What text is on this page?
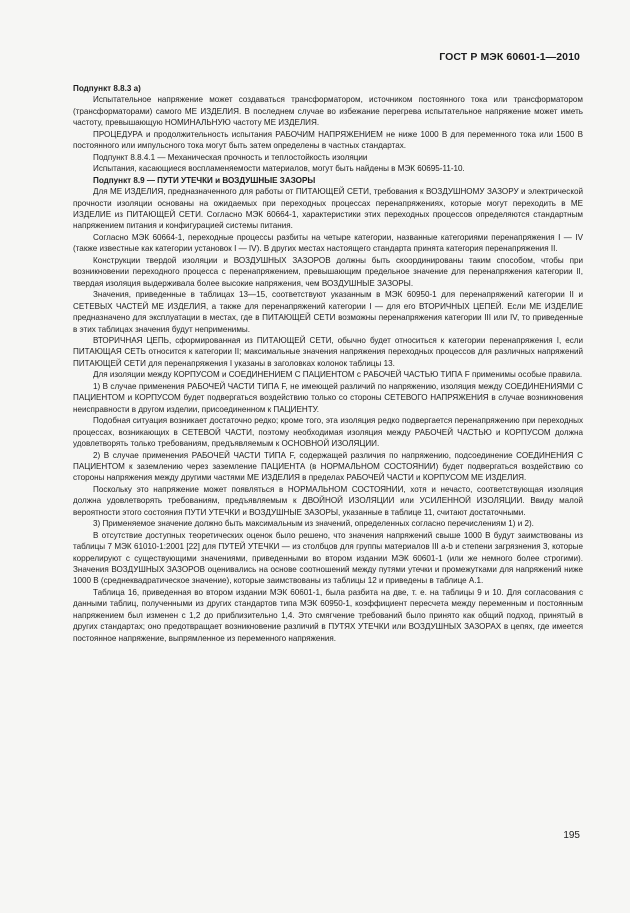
ГОСТ Р МЭК 60601-1—2010

Подпункт 8.8.3 а)

Испытательное напряжение может создаваться трансформатором, источником постоянного тока или трансформатором (трансформаторами) самого МЕ ИЗДЕЛИЯ. В последнем случае во избежание перегрева испытательное напряжение может иметь частоту, превышающую НОМИНАЛЬНУЮ частоту МЕ ИЗДЕЛИЯ.

ПРОЦЕДУРА и продолжительность испытания РАБОЧИМ НАПРЯЖЕНИЕМ не ниже 1000 В для переменного тока или 1500 В постоянного или импульсного тока могут быть затем определены в частных стандартах.

Подпункт 8.8.4.1 — Механическая прочность и теплостойкость изоляции

Испытания, касающиеся воспламеняемости материалов, могут быть найдены в МЭК 60695-11-10.

Подпункт 8.9 — ПУТИ УТЕЧКИ и ВОЗДУШНЫЕ ЗАЗОРЫ

Для МЕ ИЗДЕЛИЯ, предназначенного для работы от ПИТАЮЩЕЙ СЕТИ, требования к ВОЗДУШНОМУ ЗАЗОРУ и электрической прочности изоляции основаны на ожидаемых при переходных процессах перенапряжениях, которые могут переходить в МЕ ИЗДЕЛИЕ из ПИТАЮЩЕЙ СЕТИ. Согласно МЭК 60664-1, характеристики этих переходных процессов определяются стандартным напряжением питания и конфигурацией системы питания.

Согласно МЭК 60664-1, переходные процессы разбиты на четыре категории, названные категориями перенапряжения I — IV (также известные как категории установок I — IV). В других местах настоящего стандарта принята категория перенапряжения II.

Конструкции твердой изоляции и ВОЗДУШНЫХ ЗАЗОРОВ должны быть скоординированы таким способом, чтобы при возникновении переходного процесса с перенапряжением, превышающим предельное значение для перенапряжения категории II, твердая изоляция выдерживала более высокие напряжения, чем ВОЗДУШНЫЕ ЗАЗОРЫ.

Значения, приведенные в таблицах 13—15, соответствуют указанным в МЭК 60950-1 для перенапряжений категории II и СЕТЕВЫХ ЧАСТЕЙ МЕ ИЗДЕЛИЯ, а также для перенапряжений категории I — для его ВТОРИЧНЫХ ЦЕПЕЙ. Если МЕ ИЗДЕЛИЕ предназначено для эксплуатации в местах, где в ПИТАЮЩЕЙ СЕТИ возможны перенапряжения категории III или IV, то приведенные в этих таблицах значения будут неприменимы.

ВТОРИЧНАЯ ЦЕПЬ, сформированная из ПИТАЮЩЕЙ СЕТИ, обычно будет относиться к категории перенапряжения I, если ПИТАЮЩАЯ СЕТЬ относится к категории II; максимальные значения напряжения переходных процессов для различных напряжений ПИТАЮЩЕЙ СЕТИ для перенапряжения I указаны в заголовках колонок таблицы 13.

Для изоляции между КОРПУСОМ и СОЕДИНЕНИЕМ С ПАЦИЕНТОМ с РАБОЧЕЙ ЧАСТЬЮ ТИПА F применимы особые правила.

1) В случае применения РАБОЧЕЙ ЧАСТИ ТИПА F, не имеющей различий по напряжению, изоляция между СОЕДИНЕНИЯМИ С ПАЦИЕНТОМ и КОРПУСОМ будет подвергаться воздействию только со стороны СЕТЕВОГО НАПРЯЖЕНИЯ в случае возникновения неисправности в другом изделии, присоединенном к ПАЦИЕНТУ.

Подобная ситуация возникает достаточно редко; кроме того, эта изоляция редко подвергается перенапряжению при переходных процессах, возникающих в СЕТЕВОЙ ЧАСТИ, поэтому необходимая изоляция между РАБОЧЕЙ ЧАСТЬЮ и КОРПУСОМ должна удовлетворять только требованиям, предъявляемым к ОСНОВНОЙ ИЗОЛЯЦИИ.

2) В случае применения РАБОЧЕЙ ЧАСТИ ТИПА F, содержащей различия по напряжению, подсоединение СОЕДИНЕНИЯ С ПАЦИЕНТОМ к заземлению через заземление ПАЦИЕНТА (в НОРМАЛЬНОМ СОСТОЯНИИ) будет подвергаться воздействию со стороны напряжения между другими частями МЕ ИЗДЕЛИЯ в пределах РАБОЧЕЙ ЧАСТИ и КОРПУСОМ МЕ ИЗДЕЛИЯ.

Поскольку это напряжение может появляться в НОРМАЛЬНОМ СОСТОЯНИИ, хотя и нечасто, соответствующая изоляция должна удовлетворять требованиям, предъявляемым к ДВОЙНОЙ ИЗОЛЯЦИИ или УСИЛЕННОЙ ИЗОЛЯЦИИ. Ввиду малой вероятности этого состояния ПУТИ УТЕЧКИ и ВОЗДУШНЫЕ ЗАЗОРЫ, указанные в таблице 11, считают достаточными.

3) Применяемое значение должно быть максимальным из значений, определенных согласно перечислениям 1) и 2).

В отсутствие доступных теоретических оценок было решено, что значения напряжений свыше 1000 В будут заимствованы из таблицы 7 МЭК 61010-1:2001 [22] для ПУТЕЙ УТЕЧКИ — из столбцов для группы материалов III а-b и степени загрязнения 3, которые коррелируют с существующими значениями, приведенными во втором издании МЭК 60601-1 (или же немного более строгими). Значения ВОЗДУШНЫХ ЗАЗОРОВ оценивались на основе соотношений между путями утечки и промежутками для напряжений ниже 1000 В (среднеквадратическое значение), которые заимствованы из таблицы 12 и приведены в таблице А.1.

Таблица 16, приведенная во втором издании МЭК 60601-1, была разбита на две, т. е. на таблицы 9 и 10. Для согласования с данными таблиц, полученными из других стандартов типа МЭК 60950-1, коэффициент пересчета между переменным и постоянным напряжением был изменен с 1,2 до приблизительно 1,4. Это смягчение требований было принято как общий подход, принятый в других стандартах; оно предотвращает возникновение различий в ПУТЯХ УТЕЧКИ или ВОЗДУШНЫХ ЗАЗОРАХ в цепях, где имеется постоянное напряжение, выпрямленное из переменного напряжения.

195
